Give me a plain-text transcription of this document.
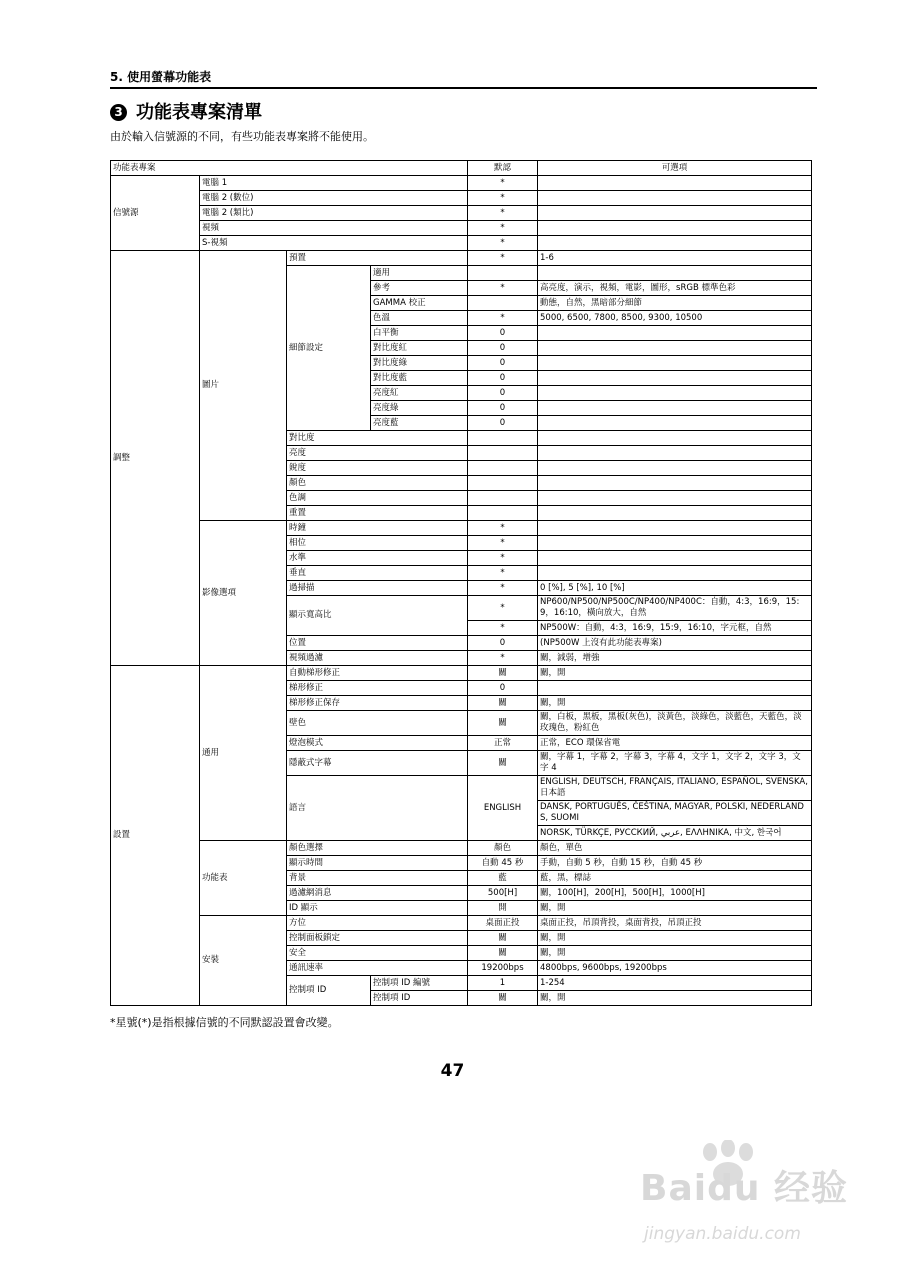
5. 使用螢幕功能表
3 功能表專案清單
由於輸入信號源的不同，有些功能表專案將不能使用。
功能表專案				默認	可選項
信號源	電腦 1			*	
	電腦 2 (數位)			*	
	電腦 2 (類比)			*	
	視頻			*	
	S-視頻			*	
調整	圖片	預置		*	1-6
		細節設定	適用		
			參考	*	高亮度，演示，視頻，電影，圖形，sRGB 標準色彩
			GAMMA 校正		動態，自然，黑暗部分細節
			色溫	*	5000, 6500, 7800, 8500, 9300, 10500
			白平衡	0	
			對比度紅	0	
			對比度綠	0	
			對比度藍	0	
			亮度紅	0	
			亮度綠	0	
			亮度藍	0	
		對比度			
		亮度			
		銳度			
		顏色			
		色調			
		重置			
	影像選項	時鐘		*	
		相位		*	
		水準		*	
		垂直		*	
		過掃描		*	0 [%], 5 [%], 10 [%]
		顯示寬高比		*	NP600/NP500/NP500C/NP400/NP400C：自動，4:3，16:9，15:9，16:10，橫向放大，自然
				*	NP500W：自動，4:3，16:9，15:9，16:10，字元框，自然
		位置		0	(NP500W 上沒有此功能表專案)
		視頻過濾		*	關，減弱，增強
設置	通用	自動梯形修正		關	關，開
		梯形修正		0	
		梯形修正保存		關	關，開
		壁色		關	關，白板，黑板，黑板(灰色)，淡黃色，淡綠色，淡藍色，天藍色，淡玫瑰色，粉紅色
		燈泡模式		正常	正常，ECO 環保省電
		隱蔽式字幕		關	關，字幕 1，字幕 2，字幕 3，字幕 4，文字 1，文字 2，文字 3，文字 4
		語言		ENGLISH	ENGLISH, DEUTSCH, FRANÇAIS, ITALIANO, ESPAÑOL, SVENSKA, 日本語
					DANSK, PORTUGUÊS, ČEŠTINA, MAGYAR, POLSKI, NEDERLANDS, SUOMI
					NORSK, TÜRKÇE, РУССКИЙ, عربي, ΕΛΛΗΝΙΚΑ, 中文, 한국어
	功能表	顏色選擇		顏色	顏色，單色
		顯示時間		自動 45 秒	手動，自動 5 秒，自動 15 秒，自動 45 秒
		背景		藍	藍，黑，標誌
		過濾網消息		500[H]	關，100[H]，200[H]，500[H]，1000[H]
		ID 顯示		開	關，開
	安裝	方位		桌面正投	桌面正投，吊頂背投，桌面背投，吊頂正投
		控制面板鎖定		關	關，開
		安全		關	關，開
		通訊速率		19200bps	4800bps, 9600bps, 19200bps
		控制項 ID	控制項 ID 編號	1	1-254
			控制項 ID	關	關，開
*星號(*)是指根據信號的不同默認設置會改變。
47
Baidu 经验
jingyan.baidu.com
